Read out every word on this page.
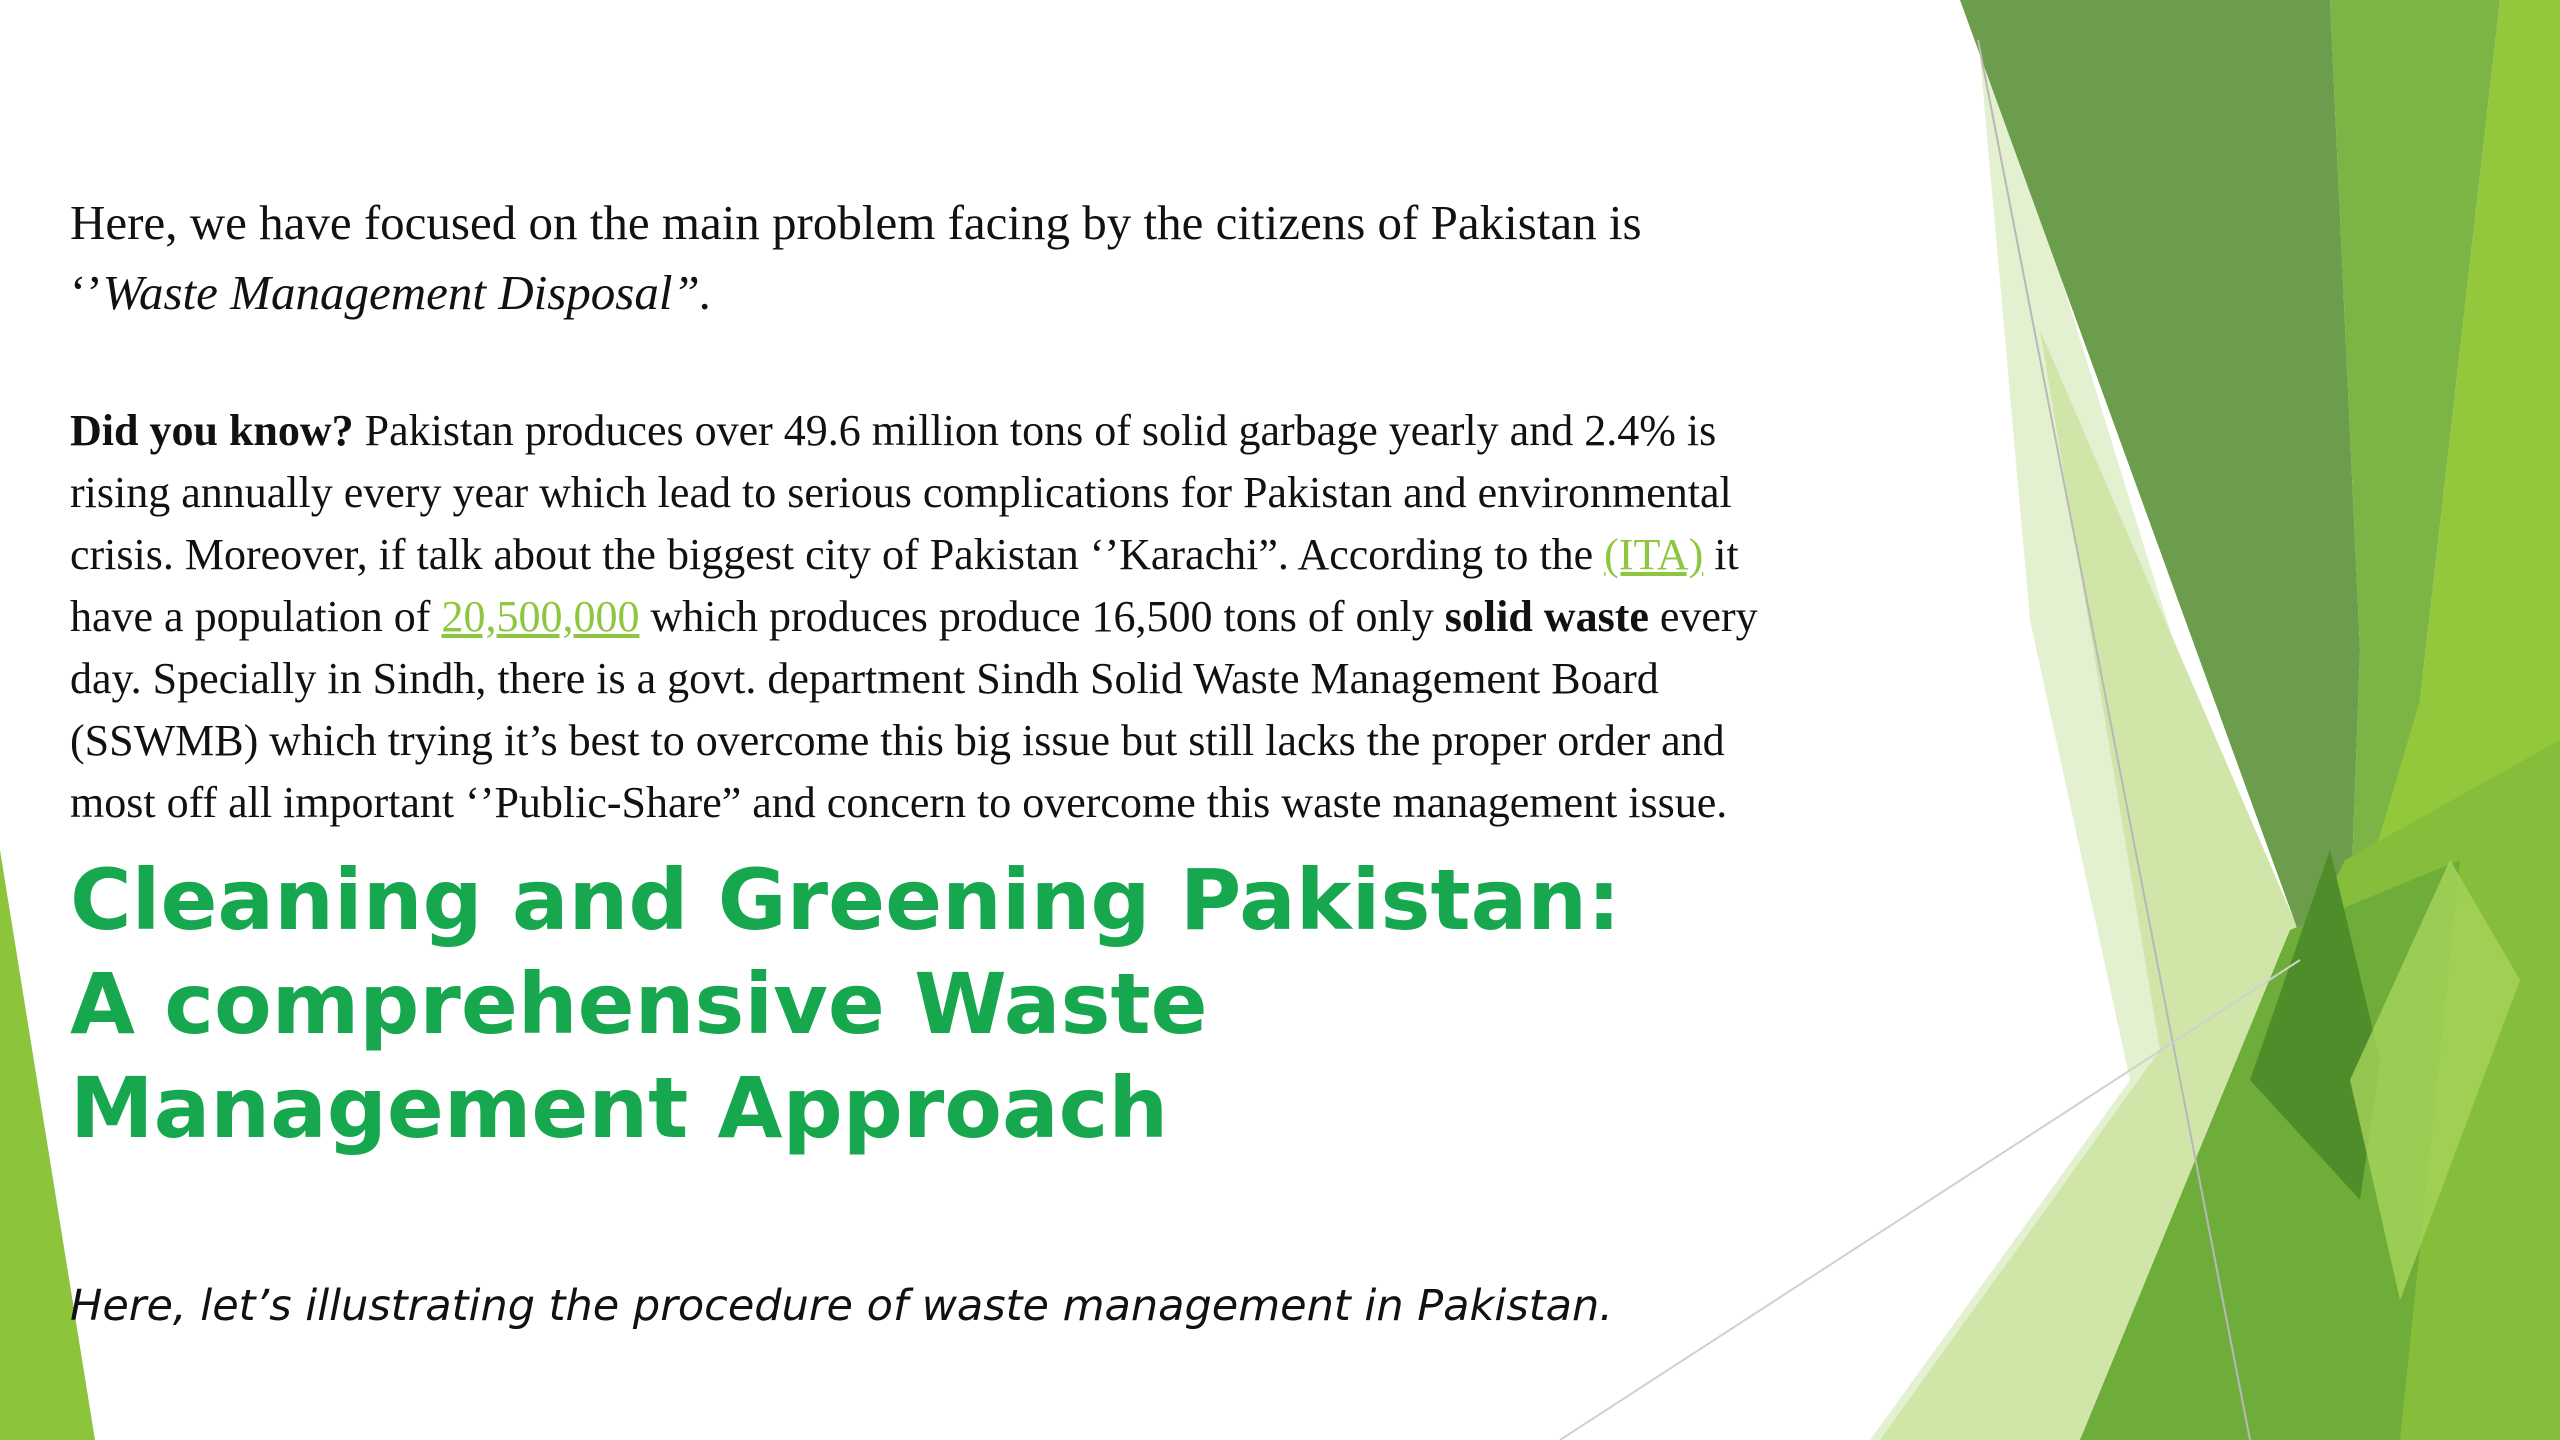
Here, we have focused on the main problem facing by the citizens of Pakistan is
‘’Waste Management Disposal”.

Did you know? Pakistan produces over 49.6 million tons of solid garbage yearly and 2.4% is rising annually every year which lead to serious complications for Pakistan and environmental crisis. Moreover, if talk about the biggest city of Pakistan ‘’Karachi”. According to the (ITA) it have a population of 20,500,000 which produces produce 16,500 tons of only solid waste every day. Specially in Sindh, there is a govt. department Sindh Solid Waste Management Board (SSWMB) which trying it’s best to overcome this big issue but still lacks the proper order and most off all important ‘’Public-Share” and concern to overcome this waste management issue.

Cleaning and Greening Pakistan: A comprehensive Waste Management Approach

Here, let’s illustrating the procedure of waste management in Pakistan.
